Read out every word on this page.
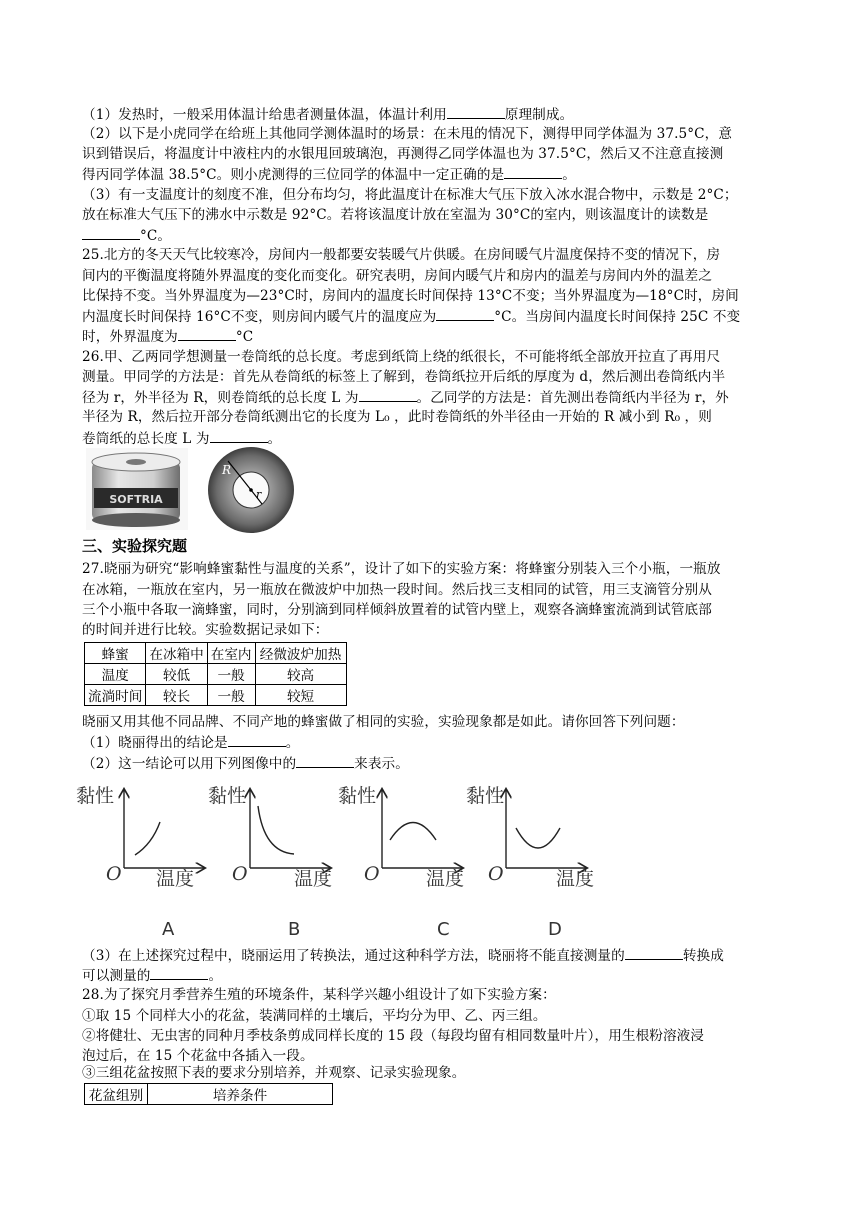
（1）发热时，一般采用体温计给患者测量体温，体温计利用	原理制成。
（2）以下是小虎同学在给班上其他同学测体温时的场景：在未甩的情况下，测得甲同学体温为 37.5°C，意
识到错误后，将温度计中液柱内的水银甩回玻璃泡，再测得乙同学体温也为 37.5°C，然后又不注意直接测
得丙同学体温 38.5°C。则小虎测得的三位同学的体温中一定正确的是	。
（3）有一支温度计的刻度不准，但分布均匀，将此温度计在标准大气压下放入冰水混合物中，示数是 2°C；
放在标准大气压下的沸水中示数是 92°C。若将该温度计放在室温为 30°C的室内，则该温度计的读数是
°C。
25.北方的冬天天气比较寒冷，房间内一般都要安装暖气片供暖。在房间暖气片温度保持不变的情况下，房
间内的平衡温度将随外界温度的变化而变化。研究表明，房间内暖气片和房内的温差与房间内外的温差之
比保持不变。当外界温度为—23°C时，房间内的温度长时间保持 13°C不变；当外界温度为—18°C时，房间
内温度长时间保持 16°C不变，则房间内暖气片的温度应为	°C。当房间内温度长时间保持 25C 不变
时，外界温度为	°C
26.甲、乙两同学想测量一卷筒纸的总长度。考虑到纸筒上绕的纸很长，不可能将纸全部放开拉直了再用尺
测量。甲同学的方法是：首先从卷筒纸的标签上了解到，卷筒纸拉开后纸的厚度为 d，然后测出卷筒纸内半
径为 r，外半径为 R，则卷筒纸的总长度 L 为	。乙同学的方法是：首先测出卷筒纸内半径为 r，外
半径为 R，然后拉开部分卷筒纸测出它的长度为 L₀ ，此时卷筒纸的外半径由一开始的 R 减小到 R₀ ，则
卷筒纸的总长度 L 为	。
SOFTRIA
R
r
三、实验探究题
27.晓丽为研究“影响蜂蜜黏性与温度的关系”，设计了如下的实验方案：将蜂蜜分别装入三个小瓶，一瓶放
在冰箱，一瓶放在室内，另一瓶放在微波炉中加热一段时间。然后找三支相同的试管，用三支滴管分别从
三个小瓶中各取一滴蜂蜜，同时，分别滴到同样倾斜放置着的试管内壁上，观察各滴蜂蜜流淌到试管底部
的时间并进行比较。实验数据记录如下：
蜂蜜	在冰箱中	在室内	经微波炉加热
温度	较低	一般	较高
流淌时间	较长	一般	较短
晓丽又用其他不同品牌、不同产地的蜂蜜做了相同的实验，实验现象都是如此。请你回答下列问题：
（1）晓丽得出的结论是	。
（2）这一结论可以用下列图像中的	来表示。
黏性
O 温度
A
黏性
O 温度
B
黏性
O 温度
C
黏性
O	温度
D
（3）在上述探究过程中，晓丽运用了转换法，通过这种科学方法，晓丽将不能直接测量的	转换成
可以测量的	。
28.为了探究月季营养生殖的环境条件，某科学兴趣小组设计了如下实验方案：
①取 15 个同样大小的花盆，装满同样的土壤后，平均分为甲、乙、丙三组。
②将健壮、无虫害的同种月季枝条剪成同样长度的 15 段（每段均留有相同数量叶片），用生根粉溶液浸
泡过后，在 15 个花盆中各插入一段。
③三组花盆按照下表的要求分别培养，并观察、记录实验现象。
花盆组别	培养条件
